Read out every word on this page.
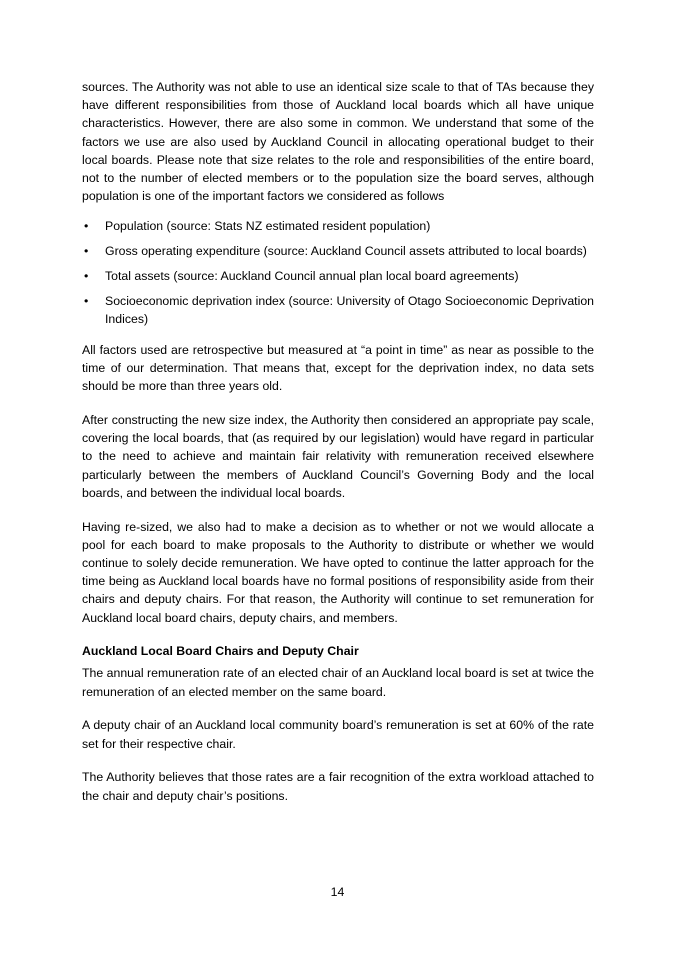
sources. The Authority was not able to use an identical size scale to that of TAs because they have different responsibilities from those of Auckland local boards which all have unique characteristics. However, there are also some in common. We understand that some of the factors we use are also used by Auckland Council in allocating operational budget to their local boards. Please note that size relates to the role and responsibilities of the entire board, not to the number of elected members or to the population size the board serves, although population is one of the important factors we considered as follows

• Population (source: Stats NZ estimated resident population)
• Gross operating expenditure (source: Auckland Council assets attributed to local boards)
• Total assets (source: Auckland Council annual plan local board agreements)
• Socioeconomic deprivation index (source: University of Otago Socioeconomic Deprivation Indices)

All factors used are retrospective but measured at “a point in time” as near as possible to the time of our determination. That means that, except for the deprivation index, no data sets should be more than three years old.

After constructing the new size index, the Authority then considered an appropriate pay scale, covering the local boards, that (as required by our legislation) would have regard in particular to the need to achieve and maintain fair relativity with remuneration received elsewhere particularly between the members of Auckland Council’s Governing Body and the local boards, and between the individual local boards.

Having re-sized, we also had to make a decision as to whether or not we would allocate a pool for each board to make proposals to the Authority to distribute or whether we would continue to solely decide remuneration. We have opted to continue the latter approach for the time being as Auckland local boards have no formal positions of responsibility aside from their chairs and deputy chairs. For that reason, the Authority will continue to set remuneration for Auckland local board chairs, deputy chairs, and members.

Auckland Local Board Chairs and Deputy Chair

The annual remuneration rate of an elected chair of an Auckland local board is set at twice the remuneration of an elected member on the same board.

A deputy chair of an Auckland local community board’s remuneration is set at 60% of the rate set for their respective chair.

The Authority believes that those rates are a fair recognition of the extra workload attached to the chair and deputy chair’s positions.

14
